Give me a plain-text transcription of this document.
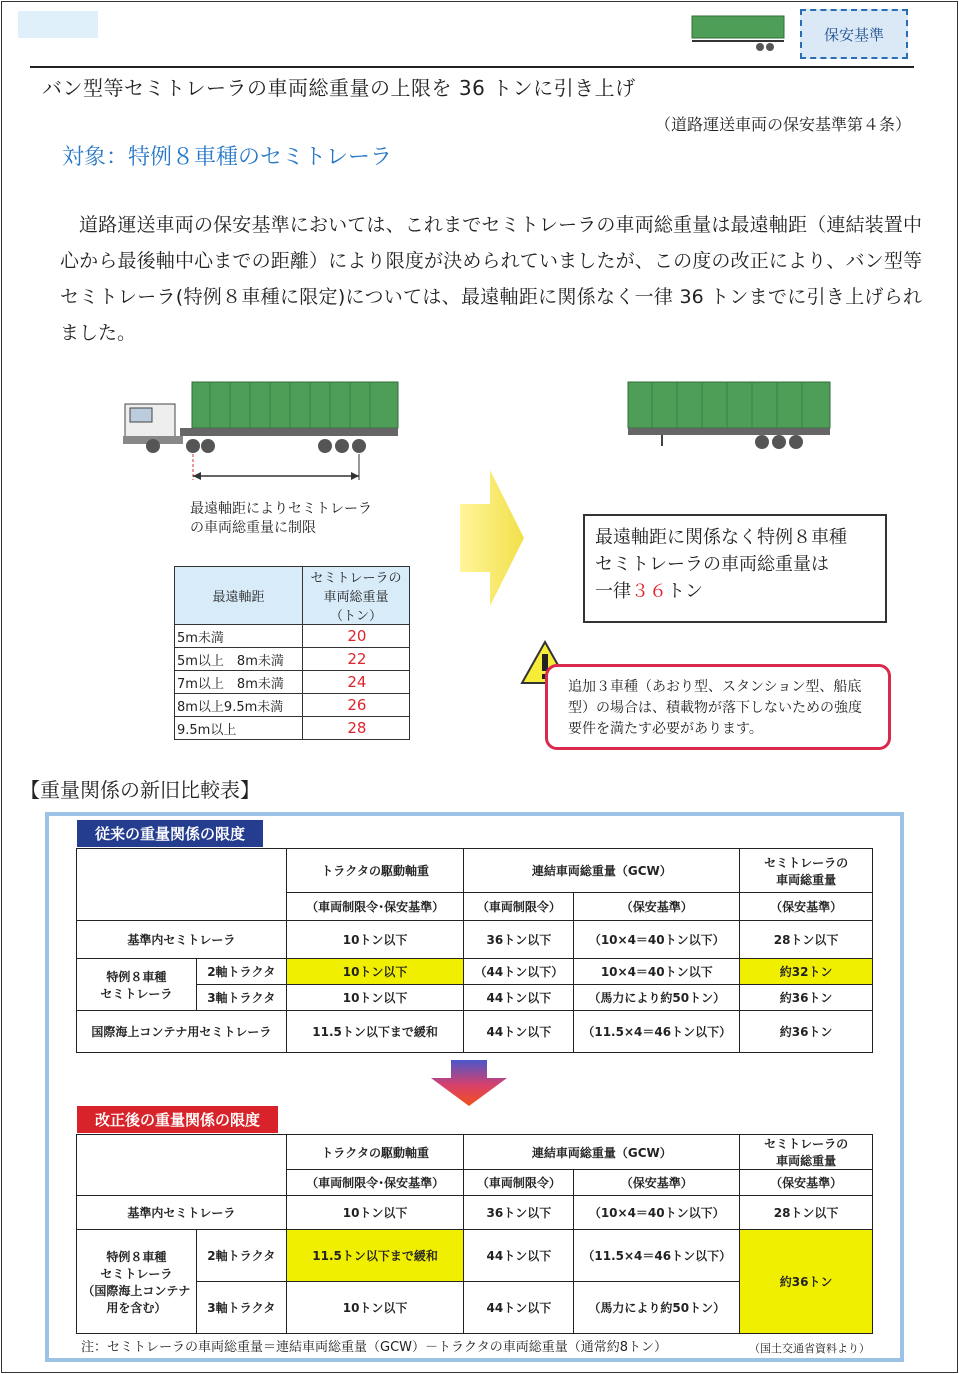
保安基準
バン型等セミトレーラの車両総重量の上限を 36 トンに引き上げ
（道路運送車両の保安基準第４条）
対象：特例８車種のセミトレーラ

道路運送車両の保安基準においては、これまでセミトレーラの車両総重量は最遠軸距（連結装置中心から最後軸中心までの距離）により限度が決められていましたが、この度の改正により、バン型等セミトレーラ(特例８車種に限定)については、最遠軸距に関係なく一律 36 トンまでに引き上げられました。

最遠軸距によりセミトレーラ
の車両総重量に制限	最遠軸距に関係なく特例８車種
セミトレーラの車両総重量は
一律３６トン
追加３車種（あおり型、スタンション型、船底型）の場合は、積載物が落下しないための強度要件を満たす必要があります。
最遠軸距	セミトレーラの
車両総重量
（トン）

5m未満	20
5m以上　8m未満	22
7m以上　8m未満	24
8m以上9.5m未満	26
9.5m以上	28
【重量関係の新旧比較表】
従来の重量関係の限度
		トラクタの駆動軸重	連結車両総重量（GCW）		セミトレーラの
車両総重量

		（車両制限令･保安基準）	（車両制限令）	（保安基準）	（保安基準）
基準内セミトレーラ		10トン以下	36トン以下	（10×4＝40トン以下）	28トン以下

特例８車種
セミトレーラ	2軸トラクタ	10トン以下	（44トン以下）	10×4＝40トン以下	約32トン
	3軸トラクタ	10トン以下	44トン以下	（馬力により約50トン）	約36トン
国際海上コンテナ用セミトレーラ		11.5トン以下まで緩和	44トン以下	（11.5×4＝46トン以下）	約36トン
改正後の重量関係の限度
		トラクタの駆動軸重	連結車両総重量（GCW）		セミトレーラの
車両総重量

		（車両制限令･保安基準）	（車両制限令）	（保安基準）	（保安基準）
基準内セミトレーラ		10トン以下	36トン以下	（10×4＝40トン以下）	28トン以下

特例８車種
セミトレーラ
（国際海上コンテナ
用を含む）	2軸トラクタ	11.5トン以下まで緩和	44トン以下	（11.5×4＝46トン以下）	約36トン
	3軸トラクタ	10トン以下	44トン以下	（馬力により約50トン）	
注：セミトレーラの車両総重量＝連結車両総重量（GCW）－トラクタの車両総重量（通常約8トン）	（国土交通省資料より）
